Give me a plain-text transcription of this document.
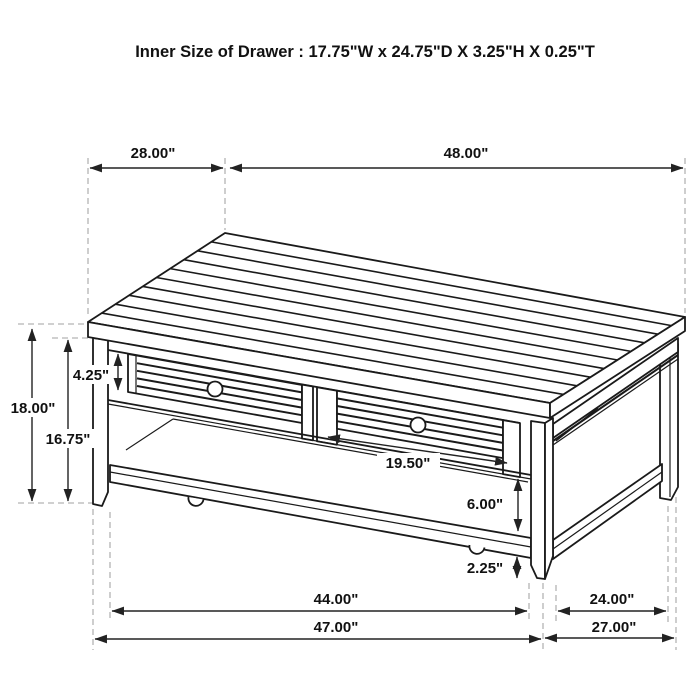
Inner Size of Drawer : 17.75"W x 24.75"D X 3.25"H X 0.25"T
28.00"	48.00"
18.00"
16.75"
4.25"
19.50"
6.00"
2.25"
44.00"
47.00"
24.00"
27.00"
